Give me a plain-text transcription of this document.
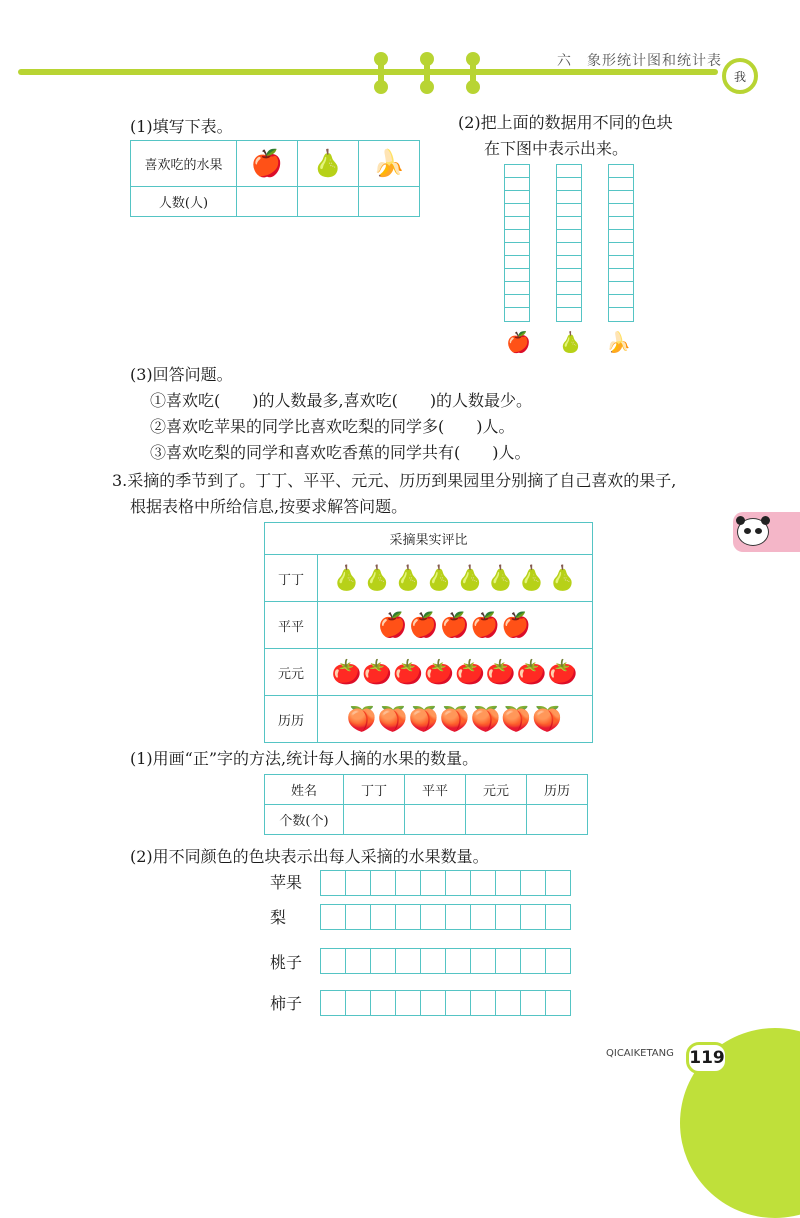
六　象形统计图和统计表
我
(1)填写下表。
喜欢吃的水果	🍎	🍐	🍌
人数(人)			
(2)把上面的数据用不同的色块
在下图中表示出来。
🍎 🍐 🍌
(3)回答问题。
①喜欢吃(　　)的人数最多,喜欢吃(　　)的人数最少。
②喜欢吃苹果的同学比喜欢吃梨的同学多(　　)人。
③喜欢吃梨的同学和喜欢吃香蕉的同学共有(　　)人。
3.采摘的季节到了。丁丁、平平、元元、历历到果园里分别摘了自己喜欢的果子,
根据表格中所给信息,按要求解答问题。
采摘果实评比	
丁丁	🍐🍐🍐🍐🍐🍐🍐🍐
平平	🍎🍎🍎🍎🍎
元元	🍅🍅🍅🍅🍅🍅🍅🍅
历历	🍑🍑🍑🍑🍑🍑🍑
(1)用画“正”字的方法,统计每人摘的水果的数量。
姓名	丁丁	平平	元元	历历
个数(个)				
(2)用不同颜色的色块表示出每人采摘的水果数量。
苹果

梨

桃子

柿子

QICAIKETANG 119
